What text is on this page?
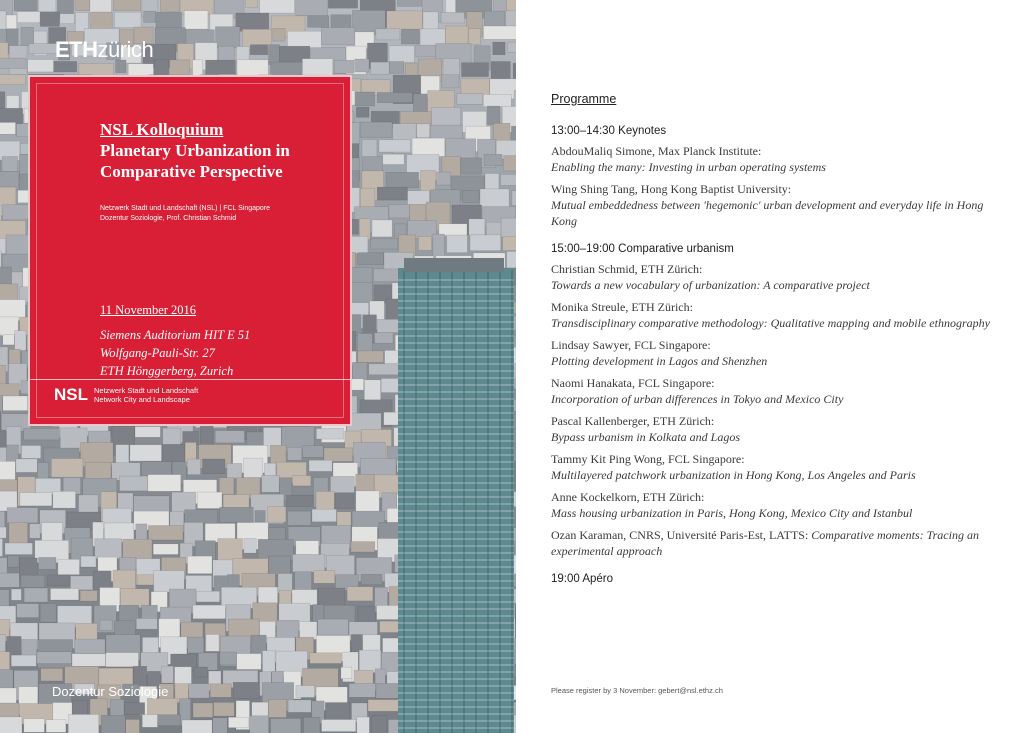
ETHzürich
NSL Kolloquium
Planetary Urbanization in
Comparative Perspective
Netzwerk Stadt und Landschaft (NSL) | FCL Singapore
Dozentur Soziologie, Prof. Christian Schmid
11 November 2016
Siemens Auditorium HIT E 51
Wolfgang-Pauli-Str. 27
ETH Hönggerberg, Zurich
NSL Netzwerk Stadt und Landschaft
Network City and Landscape
Dozentur Soziologie
Programme
13:00–14:30 Keynotes
AbdouMaliq Simone, Max Planck Institute:
Enabling the many: Investing in urban operating systems
Wing Shing Tang, Hong Kong Baptist University:
Mutual embeddedness between 'hegemonic' urban development and everyday life in Hong Kong
15:00–19:00 Comparative urbanism
Christian Schmid, ETH Zürich:
Towards a new vocabulary of urbanization: A comparative project
Monika Streule, ETH Zürich:
Transdisciplinary comparative methodology: Qualitative mapping and mobile ethnography
Lindsay Sawyer, FCL Singapore:
Plotting development in Lagos and Shenzhen
Naomi Hanakata, FCL Singapore:
Incorporation of urban differences in Tokyo and Mexico City
Pascal Kallenberger, ETH Zürich:
Bypass urbanism in Kolkata and Lagos
Tammy Kit Ping Wong, FCL Singapore:
Multilayered patchwork urbanization in Hong Kong, Los Angeles and Paris
Anne Kockelkorn, ETH Zürich:
Mass housing urbanization in Paris, Hong Kong, Mexico City and Istanbul
Ozan Karaman, CNRS, Université Paris-Est, LATTS: Comparative moments: Tracing an experimental approach
19:00 Apéro
Please register by 3 November: gebert@nsl.ethz.ch
